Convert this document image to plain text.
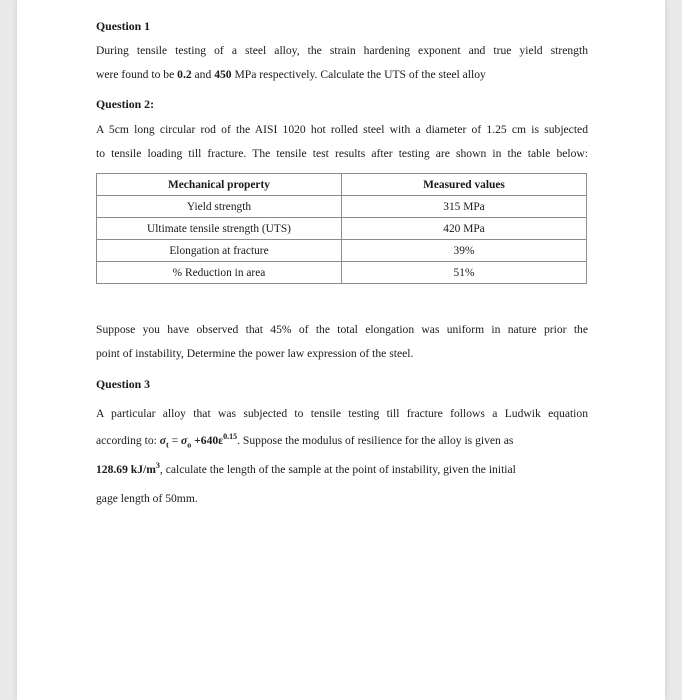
Question 1
During tensile testing of a steel alloy, the strain hardening exponent and true yield strength
were found to be 0.2 and 450 MPa respectively. Calculate the UTS of the steel alloy
Question 2:
A 5cm long circular rod of the AISI 1020 hot rolled steel with a diameter of 1.25 cm is subjected
to tensile loading till fracture. The tensile test results after testing are shown in the table below:
Mechanical property	Measured values
Yield strength	315 MPa
Ultimate tensile strength (UTS)	420 MPa
Elongation at fracture	39%
% Reduction in area	51%
Suppose you have observed that 45% of the total elongation was uniform in nature prior the
point of instability, Determine the power law expression of the steel.
Question 3
A particular alloy that was subjected to tensile testing till fracture follows a Ludwik equation
according to: $\sigma_t = \sigma_o +640\varepsilon^{0.15}$. Suppose the modulus of resilience for the alloy is given as
128.69 $kJ/m^3$, calculate the length of the sample at the point of instability, given the initial
gage length of 50mm.
